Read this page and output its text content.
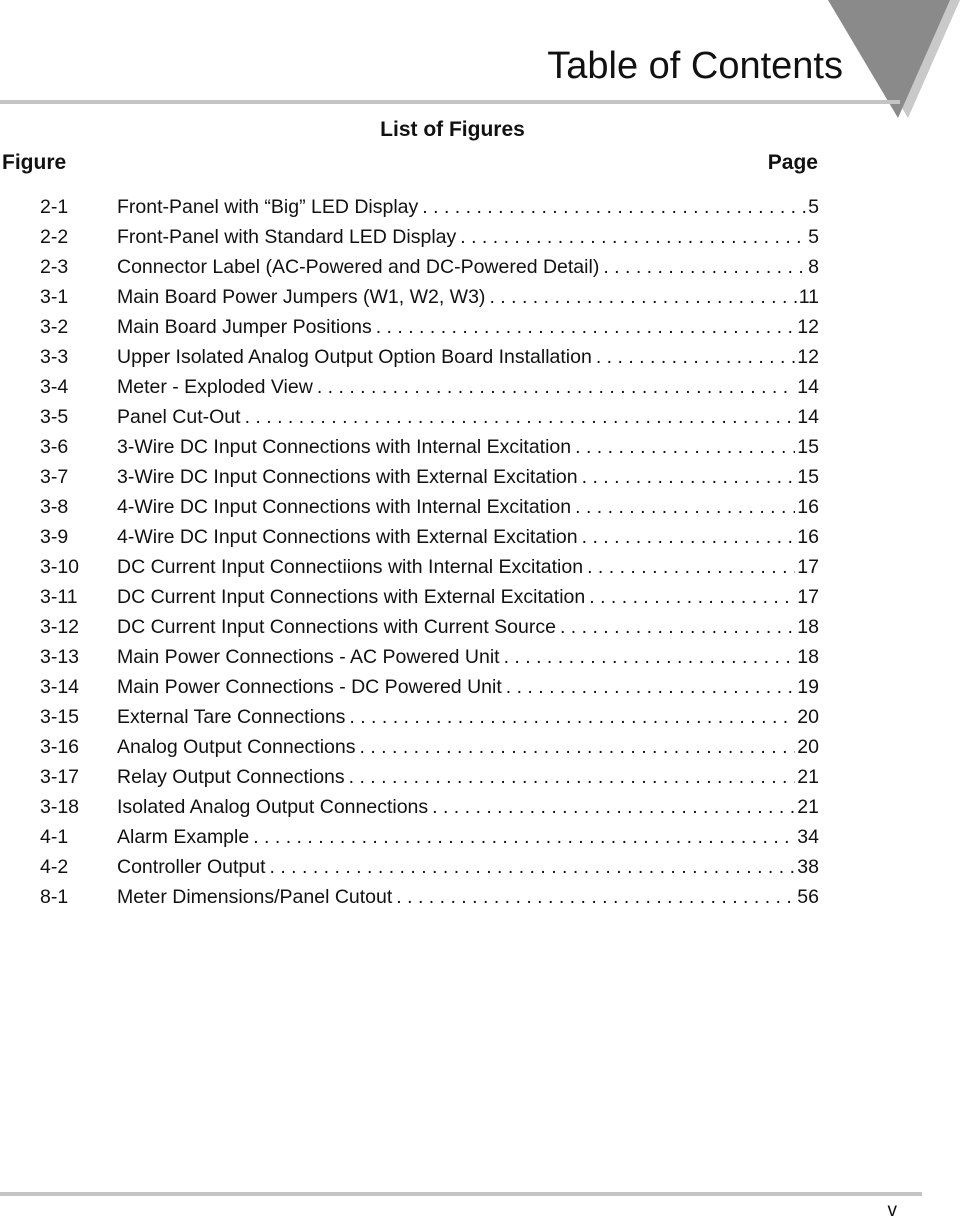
Table of Contents
List of Figures
Figure	Page
2-1	Front-Panel with “Big” LED Display . . .	5
2-2	Front-Panel with Standard LED Display . . .	5
2-3	Connector Label (AC-Powered and DC-Powered Detail) . . .	8
3-1	Main Board Power Jumpers (W1, W2, W3) . . .	11
3-2	Main Board Jumper Positions . . .	12
3-3	Upper Isolated Analog Output Option Board Installation . . .	12
3-4	Meter - Exploded View . . .	14
3-5	Panel Cut-Out . . .	14
3-6	3-Wire DC Input Connections with Internal Excitation . . .	15
3-7	3-Wire DC Input Connections with External Excitation . . .	15
3-8	4-Wire DC Input Connections with Internal Excitation . . .	16
3-9	4-Wire DC Input Connections with External Excitation . . .	16
3-10 DC Current Input Connectiions with Internal Excitation . . .	17
3-11 DC Current Input Connections with External Excitation . . .	17
3-12 DC Current Input Connections with Current Source . . .	18
3-13 Main Power Connections - AC Powered Unit . . .	18
3-14 Main Power Connections - DC Powered Unit . . .	19
3-15 External Tare Connections . . .	20
3-16 Analog Output Connections . . .	20
3-17 Relay Output Connections . . .	21
3-18 Isolated Analog Output Connections . . .	21
4-1	Alarm Example . . .	34
4-2	Controller Output . . .	38
8-1	Meter Dimensions/Panel Cutout . . .	56
v
